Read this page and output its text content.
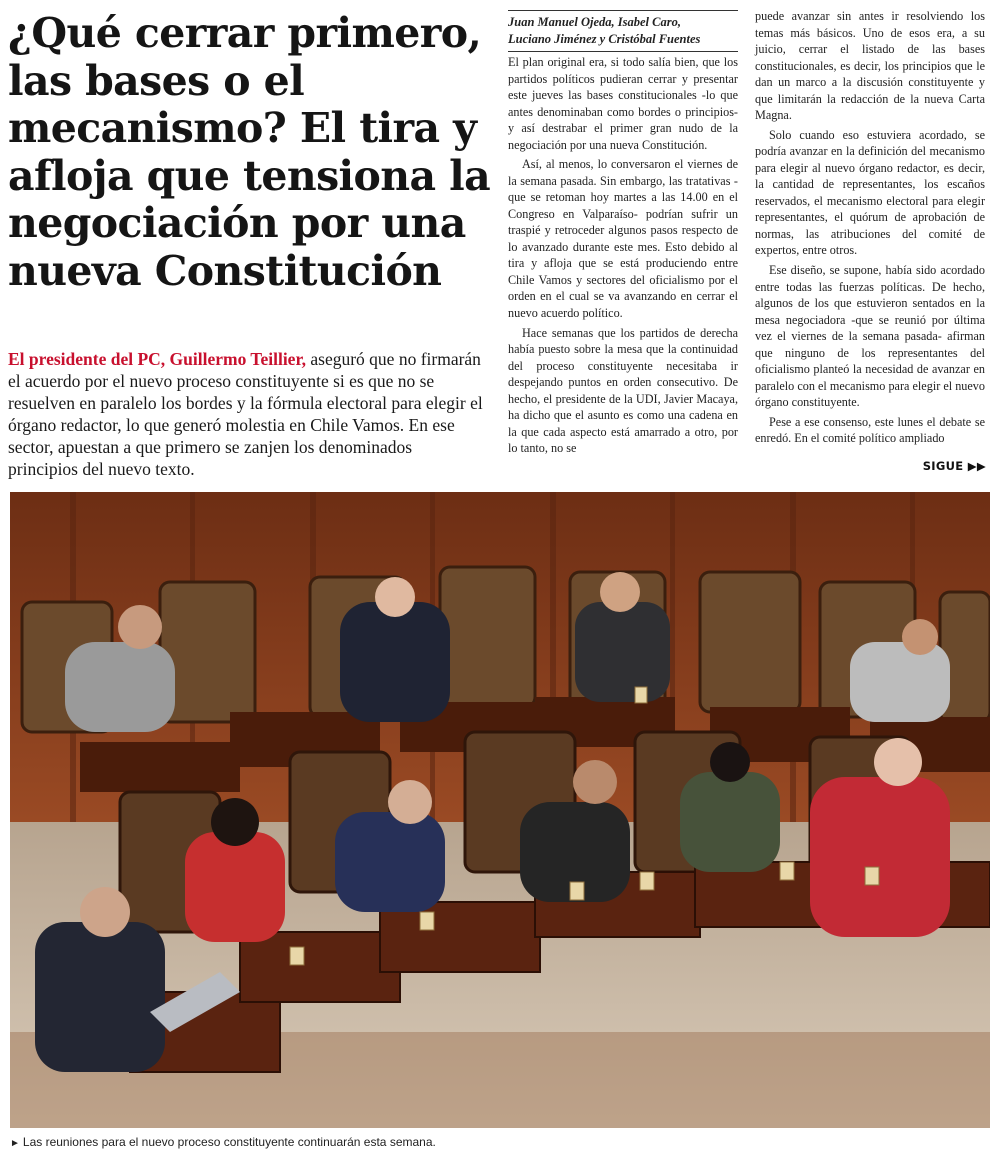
¿Qué cerrar primero,
las bases o el
mecanismo? El tira y
afloja que tensiona la
negociación por una
nueva Constitución

El presidente del PC, Guillermo Teillier, aseguró que no firmarán el acuerdo por el nuevo proceso constituyente si es que no se resuelven en paralelo los bordes y la fórmula electoral para elegir el órgano redactor, lo que generó molestia en Chile Vamos. En ese sector, apuestan a que primero se zanjen los denominados principios del nuevo texto.

Juan Manuel Ojeda, Isabel Caro,
Luciano Jiménez y Cristóbal Fuentes

El plan original era, si todo salía bien, que los partidos políticos pudieran cerrar y presentar este jueves las bases constitucionales -lo que antes denominaban como bordes o principios- y así destrabar el primer gran nudo de la negociación por una nueva Constitución.

Así, al menos, lo conversaron el viernes de la semana pasada. Sin embargo, las tratativas -que se retoman hoy martes a las 14.00 en el Congreso en Valparaíso- podrían sufrir un traspié y retroceder algunos pasos respecto de lo avanzado durante este mes. Esto debido al tira y afloja que se está produciendo entre Chile Vamos y sectores del oficialismo por el orden en el cual se va avanzando en cerrar el nuevo acuerdo político.

Hace semanas que los partidos de derecha había puesto sobre la mesa que la continuidad del proceso constituyente necesitaba ir despejando puntos en orden consecutivo. De hecho, el presidente de la UDI, Javier Macaya, ha dicho que el asunto es como una cadena en la que cada aspecto está amarrado a otro, por lo tanto, no se

puede avanzar sin antes ir resolviendo los temas más básicos. Uno de esos era, a su juicio, cerrar el listado de las bases constitucionales, es decir, los principios que le dan un marco a la discusión constituyente y que limitarán la redacción de la nueva Carta Magna.

Solo cuando eso estuviera acordado, se podría avanzar en la definición del mecanismo para elegir al nuevo órgano redactor, es decir, la cantidad de representantes, los escaños reservados, el mecanismo electoral para elegir representantes, el quórum de aprobación de normas, las atribuciones del comité de expertos, entre otros.

Ese diseño, se supone, había sido acordado entre todas las fuerzas políticas. De hecho, algunos de los que estuvieron sentados en la mesa negociadora -que se reunió por última vez el viernes de la semana pasada- afirman que ninguno de los representantes del oficialismo planteó la necesidad de avanzar en paralelo con el mecanismo para elegir el nuevo órgano constituyente.

Pese a ese consenso, este lunes el debate se enredó. En el comité político ampliado

SIGUE ▶▶
► Las reuniones para el nuevo proceso constituyente continuarán esta semana.
